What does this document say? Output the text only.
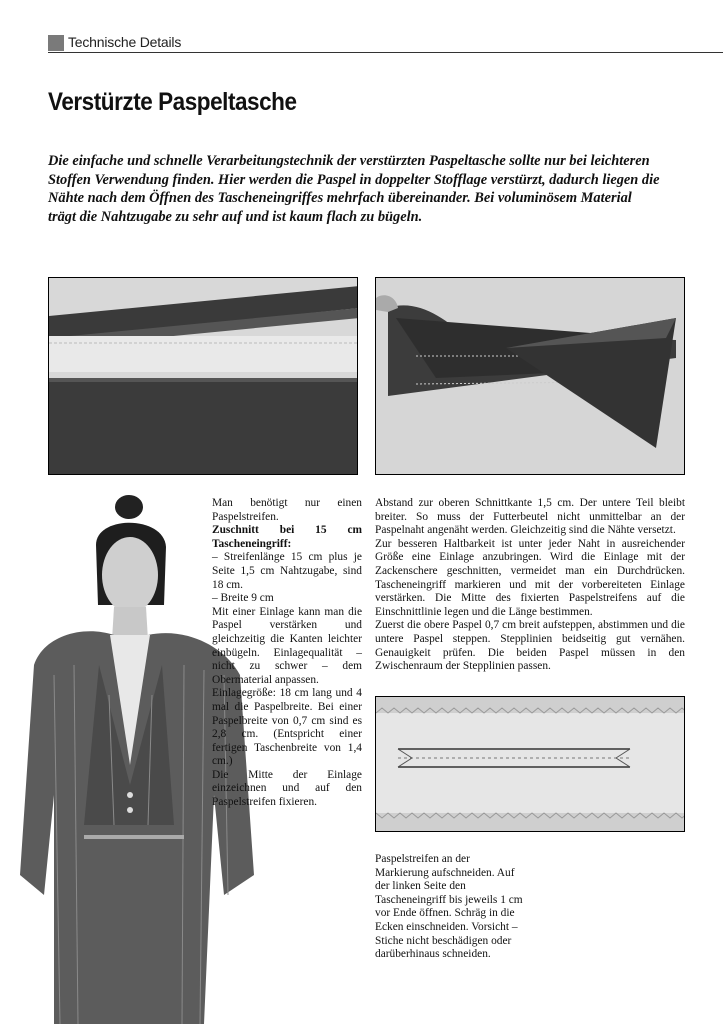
Technische Details
Verstürzte Paspeltasche

Die einfache und schnelle Verarbeitungstechnik der verstürzten Paspeltasche sollte nur bei leichteren Stoffen Verwendung finden. Hier werden die Paspel in doppelter Stofflage verstürzt, dadurch liegen die Nähte nach dem Öffnen des Tascheneingriffes mehrfach übereinander. Bei voluminösem Material trägt die Nahtzugabe zu sehr auf und ist kaum flach zu bügeln.

Man benötigt nur einen Paspelstreifen.

Zuschnitt bei 15 cm Tascheneingriff:

– Streifenlänge 15 cm plus je Seite 1,5 cm Nahtzugabe, sind 18 cm.

– Breite 9 cm

Mit einer Einlage kann man die Paspel verstärken und gleichzeitig die Kanten leichter einbügeln. Einlagequalität – nicht zu schwer – dem Obermaterial anpassen.

Einlagegröße: 18 cm lang und 4 mal die Paspelbreite. Bei einer Paspelbreite von 0,7 cm sind es 2,8 cm. (Entspricht einer fertigen Taschenbreite von 1,4 cm.)

Die Mitte der Einlage einzeichnen und auf den Paspelstreifen fixieren.

Abstand zur oberen Schnittkante 1,5 cm. Der untere Teil bleibt breiter. So muss der Futterbeutel nicht unmittelbar an der Paspelnaht angenäht werden. Gleichzeitig sind die Nähte versetzt.

Zur besseren Haltbarkeit ist unter jeder Naht in ausreichender Größe eine Einlage anzubringen. Wird die Einlage mit der Zackenschere geschnitten, vermeidet man ein Durchdrücken. Tascheneingriff markieren und mit der vorbereiteten Einlage verstärken. Die Mitte des fixierten Paspelstreifens auf die Einschnittlinie legen und die Länge bestimmen.

Zuerst die obere Paspel 0,7 cm breit aufsteppen, abstimmen und die untere Paspel steppen. Stepplinien beidseitig gut vernähen. Genauigkeit prüfen. Die beiden Paspel müssen in den Zwischenraum der Stepplinien passen.

Paspelstreifen an der Markierung aufschneiden. Auf der linken Seite den Tascheneingriff bis jeweils 1 cm vor Ende öffnen. Schräg in die Ecken einschneiden. Vorsicht – Stiche nicht beschädigen oder darüberhinaus schneiden.
